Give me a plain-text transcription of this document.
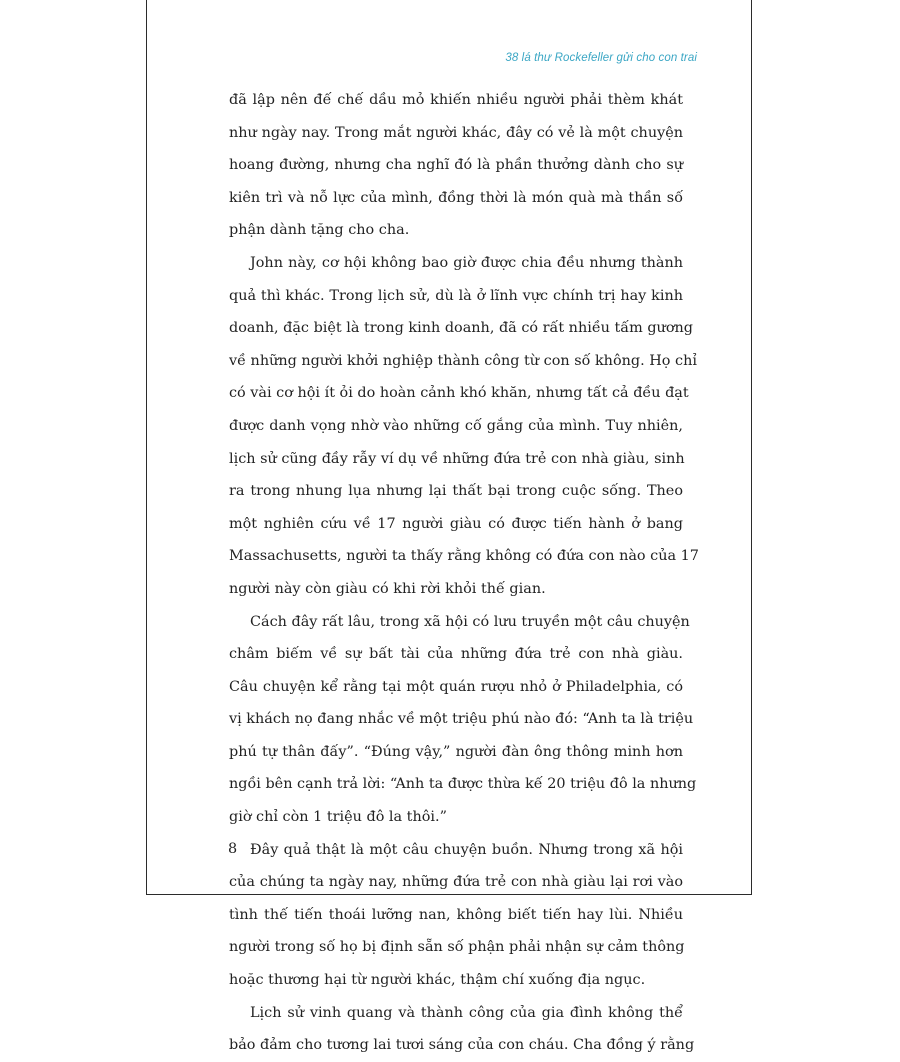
38 lá thư Rockefeller gửi cho con trai
đã lập nên đế chế dầu mỏ khiến nhiều người phải thèm khát
như ngày nay. Trong mắt người khác, đây có vẻ là một chuyện
hoang đường, nhưng cha nghĩ đó là phần thưởng dành cho sự
kiên trì và nỗ lực của mình, đồng thời là món quà mà thần số
phận dành tặng cho cha.
John này, cơ hội không bao giờ được chia đều nhưng thành
quả thì khác. Trong lịch sử, dù là ở lĩnh vực chính trị hay kinh
doanh, đặc biệt là trong kinh doanh, đã có rất nhiều tấm gương
về những người khởi nghiệp thành công từ con số không. Họ chỉ
có vài cơ hội ít ỏi do hoàn cảnh khó khăn, nhưng tất cả đều đạt
được danh vọng nhờ vào những cố gắng của mình. Tuy nhiên,
lịch sử cũng đầy rẫy ví dụ về những đứa trẻ con nhà giàu, sinh
ra trong nhung lụa nhưng lại thất bại trong cuộc sống. Theo
một nghiên cứu về 17 người giàu có được tiến hành ở bang
Massachusetts, người ta thấy rằng không có đứa con nào của 17
người này còn giàu có khi rời khỏi thế gian.
Cách đây rất lâu, trong xã hội có lưu truyền một câu chuyện
châm biếm về sự bất tài của những đứa trẻ con nhà giàu.
Câu chuyện kể rằng tại một quán rượu nhỏ ở Philadelphia, có
vị khách nọ đang nhắc về một triệu phú nào đó: “Anh ta là triệu
phú tự thân đấy”. “Đúng vậy,” người đàn ông thông minh hơn
ngồi bên cạnh trả lời: “Anh ta được thừa kế 20 triệu đô la nhưng
giờ chỉ còn 1 triệu đô la thôi.”
Đây quả thật là một câu chuyện buồn. Nhưng trong xã hội
của chúng ta ngày nay, những đứa trẻ con nhà giàu lại rơi vào
tình thế tiến thoái lưỡng nan, không biết tiến hay lùi. Nhiều
người trong số họ bị định sẵn số phận phải nhận sự cảm thông
hoặc thương hại từ người khác, thậm chí xuống địa ngục.
Lịch sử vinh quang và thành công của gia đình không thể
bảo đảm cho tương lai tươi sáng của con cháu. Cha đồng ý rằng
8
